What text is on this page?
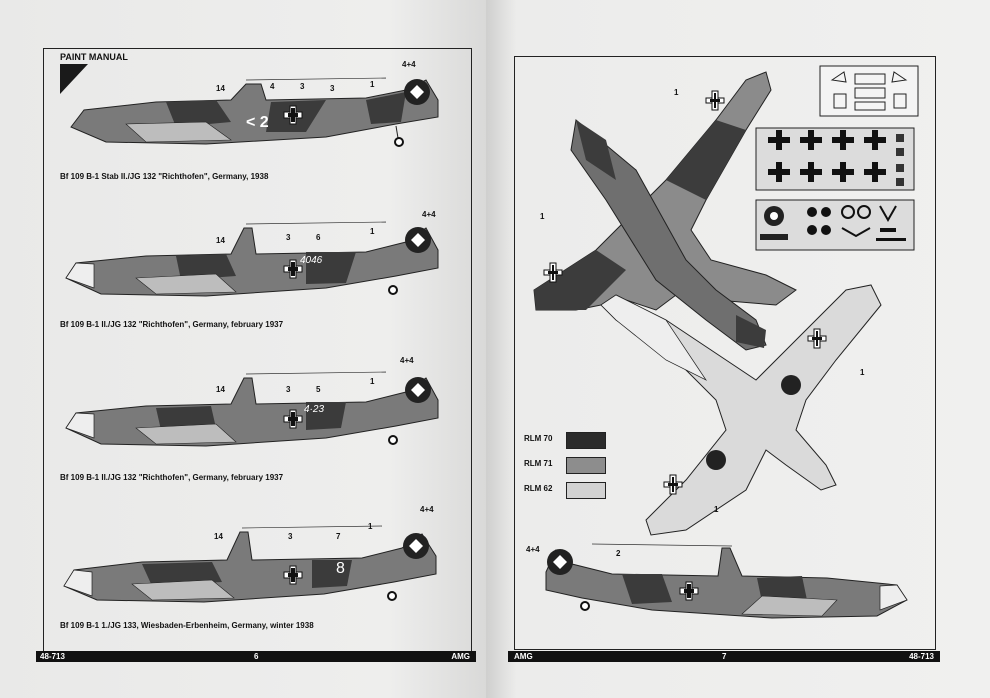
PAINT MANUAL
< 2
14	4	3	3	1
4+4
Bf 109 B-1 Stab II./JG 132 "Richthofen", Germany, 1938
4046
14	3	6
1
4+4
Bf 109 B-1 II./JG 132 "Richthofen", Germany, february 1937
4·23
14	3	5
1
4+4
Bf 109 B-1 II./JG 132 "Richthofen", Germany, february 1937
8
14	3	7
1
4+4
Bf 109 B-1 1./JG 133, Wiesbaden-Erbenheim, Germany, winter 1938
48-713	6	AMG
1
1
1
1
RLM 70
RLM 71
RLM 62
4+4	2
AMG	7	48-713
